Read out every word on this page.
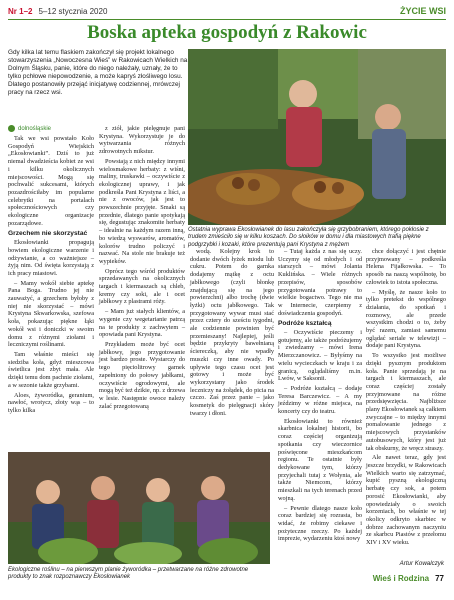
Nr 1–2 5–12 stycznia 2020	ŻYCIE WSI
Boska apteka gospodyń z Rakowic
Gdy kilka lat temu flaskiem zakończył się projekt lokalnego stowarzyszenia „Nowoczesna Wieś” w Rakowicach Wielkich na Dolnym Śląsku, panie, które do niego należały, uznały, że to tylko pchłowe niepowodzenie, a może kapryś złośliwego losu. Dlatego postanowiły przejąć inicjatywę codziennej, mrówczej pracy na rzecz wsi.
dolnośląskie
Ostatnia wyprawa Ekosłowianek do lasu zakończyła się grzybobraniem, którego pokłosie z trudem zmieściło się w kilku koszach. Do słoików w domu i dla miastowych trafią piękne podgrzybki i kozaki, które prezentują pani Krystyna z mężem

Tak we wsi powstało Koło Gospodyń Wiejskich „Ekosłowianki”. Dziś to już niemal dwadzieścia kobiet ze wsi i kilku okolicznych miejscowości. Mogą się pochwalić sukcesami, których pozazdrościłaby im popularne celebrytki na portalach społecznościowych czy ekologiczne organizacje pozarządowe.

Grzechem nie skorzystać

Ekosłowianki propagują bowiem ekologiczne warzenie i odżywianie, a co ważniejsze – żyją nim. Od święta korzystają z ich pracy miastowi.

– Mamy wokół siebie aptekę Pana Boga. Trudno jej nie zauważyć, a grzechem byłoby z niej nie skorzystać – mówi Krystyna Skwarkowska, szefowa koła, pokazując piękne łąki wokół wsi i doniczki w swoim domu z różnymi ziołami i leczniczymi roślinami.

Tam właśnie mieści się siedziba koła, gdyż mieszcowa świetlica jest zbyt mała. Ale dzięki temu dom pachnie ziołami, a w sezonie także grzybami.

Aloes, żyworódka, geranium, nawłoć, wrotycz, złoty wąs – to tylko kilka

z ziół, jakie pielęgnuje pani Krystyna. Wykorzystuje je do wytwarzania różnych zdrowotnych mikstur.

Powstają z nich między innymi wielosmakowe herbaty: z wiśni, maliny, truskawki – oczywiście z ekologicznej uprawy, i jak podkreśla Pani Krystyna z liści, a nie z owoców, jak jest to powszechnie przyjęte. Smaki są przednie, dlatego panie spotykają się, degustując znakomite herbaty – idealnie na każdym razem inną, bo wiedzą wyswarów, aromatów, kolorów trudno policzyć i nazwać. Na stole nie brakuje też wypieków.

Oprócz tego wśród produktów sprzedawanych na okolicznych targach i kiermaszach są chleb, kremy czy soki, ale i ocet jabłkowy z plastrami róży.

– Mam już stałych klientów, a wygenie czy wegetarianie patrzą na te produkty z zachwytem – opowiada pani Krystyna.

Przykładem może być ocet jabłkowy, jego przygotowanie jest bardzo proste. Wystarczy do tego pięciolitrowy garnek zapełniony do połowy jabłkami, oczywiście ogrodowymi, ale mogą być też dzikie, np. z drzewa w lesie. Następnie owoce należy zalać przegotowaną

wodą. Kolejny krok to dodanie dwóch łyżek miodu lub cukru. Potem do garnka dodajemy mątkę z octu jabłkowego (czyli błonkę znajdującą się na jego powierzchni) albo trochę (dwie łyżki) octu jabłkowego. Tak przygotowany wywar musi stać przez cztery do sześciu tygodni, ale codziennie powinien być przemieszany! Najlepiej, jeśli będzie przykryty bawełnianą ściereczką, aby nie wpadły muszki czy inne owady. Po upływie tego czasu ocet jest gotowy i może być wykorzystany jako środek leczniczy na żołądek, do picia na czczo. Zaś przez panie – jako kosmetyk do pielęgnacji skóry twarzy i dłoni.

– Tutaj każda z nas się uczy. Uczymy się od młodych i od starszych – mówi Jolanta Kuklińska. – Wiele różnych przepisów, sposobów przygotowania potrawy to wielkie bogactwo. Tego nie ma w Internecie, czerpiemy z doświadczenia gospodyń.

Podróże kształcą

– Oczywiście pieczemy i gotujemy, ale także podróżujemy i zwiedzamy – mówi Irena Mierzczanowicz. – Byłyśmy na wielu wycieczkach w kraju i za granicą, oglądaliśmy m.in. Lwów, w Saksonii.

– Podróże kształcą – dodaje Teresa Barczewicz. – A my jeździmy w różne miejsca, na koncerty czy do teatru.

Ekosłowianki to również skarbnica lokalnej historii, bo coraz częściej organizują spotkania czy wieczornice poświęcone mieszkańcom regionu. Te ostatnie były dedykowane tym, którzy przyjechali tutaj z Wołynia, ale także Niemcom, którzy mieszkali na tych terenach przed wojną.

– Pewnie dlatego nasze koło coraz bardziej się rozrasta, bo widać, że robimy ciekawe i pożyteczne rzeczy. Po każdej imprezie, wydarzeniu ktoś nowy

chce dołączyć i jest chętnie przyjmowany – podkreśla Helena Fijałkowska. – To sposób na naszą wspólnotę, bo człowiek to istota społeczna.

– Myślę, że nasze koło to tylko pretekst do wspólnego działania, do spotkań i rozmowy, ale przede wszystkim chodzi o to, żeby być razem, zamiast samemu oglądać seriale w telewizji – dodaje pani Krystyna.

To wszystko jest możliwe dzięki pysznym produktom koła. Panie sprzedają je na targach i kiermaszach, ale coraz częściej zostały przyjmowane na różne przedsięwzięcia. Najbliższe plany Ekosłowianek są całkiem zwyczajne – to między innymi pomalowanie jednego z miejscowych przystanków autobusowych, który jest już tak obskurny, że wręcz straszy.

Ale nawet teraz, gdy jest jeszcze brzydki, w Rakowicach Wielkich warto się zatrzymać, kupić pyszną ekologiczną herbatę czy sok, a potem porosić Ekosłowianki, aby opowiedziały o swoich korzeniach, bo właśnie w tej okolicy odkryto skarbiec w dobrze zachowanym naczyniu ze skarbcu Piastów z przełomu XIV i XV wieku.

Ekologiczne roślinu – na pierwszym planie żyworódka – przetwarzane na różne zdrowotne produkty to znak rozpoznawczy Ekosłowianek
Artur Kowalczyk
Wieś i Rodzina 77
